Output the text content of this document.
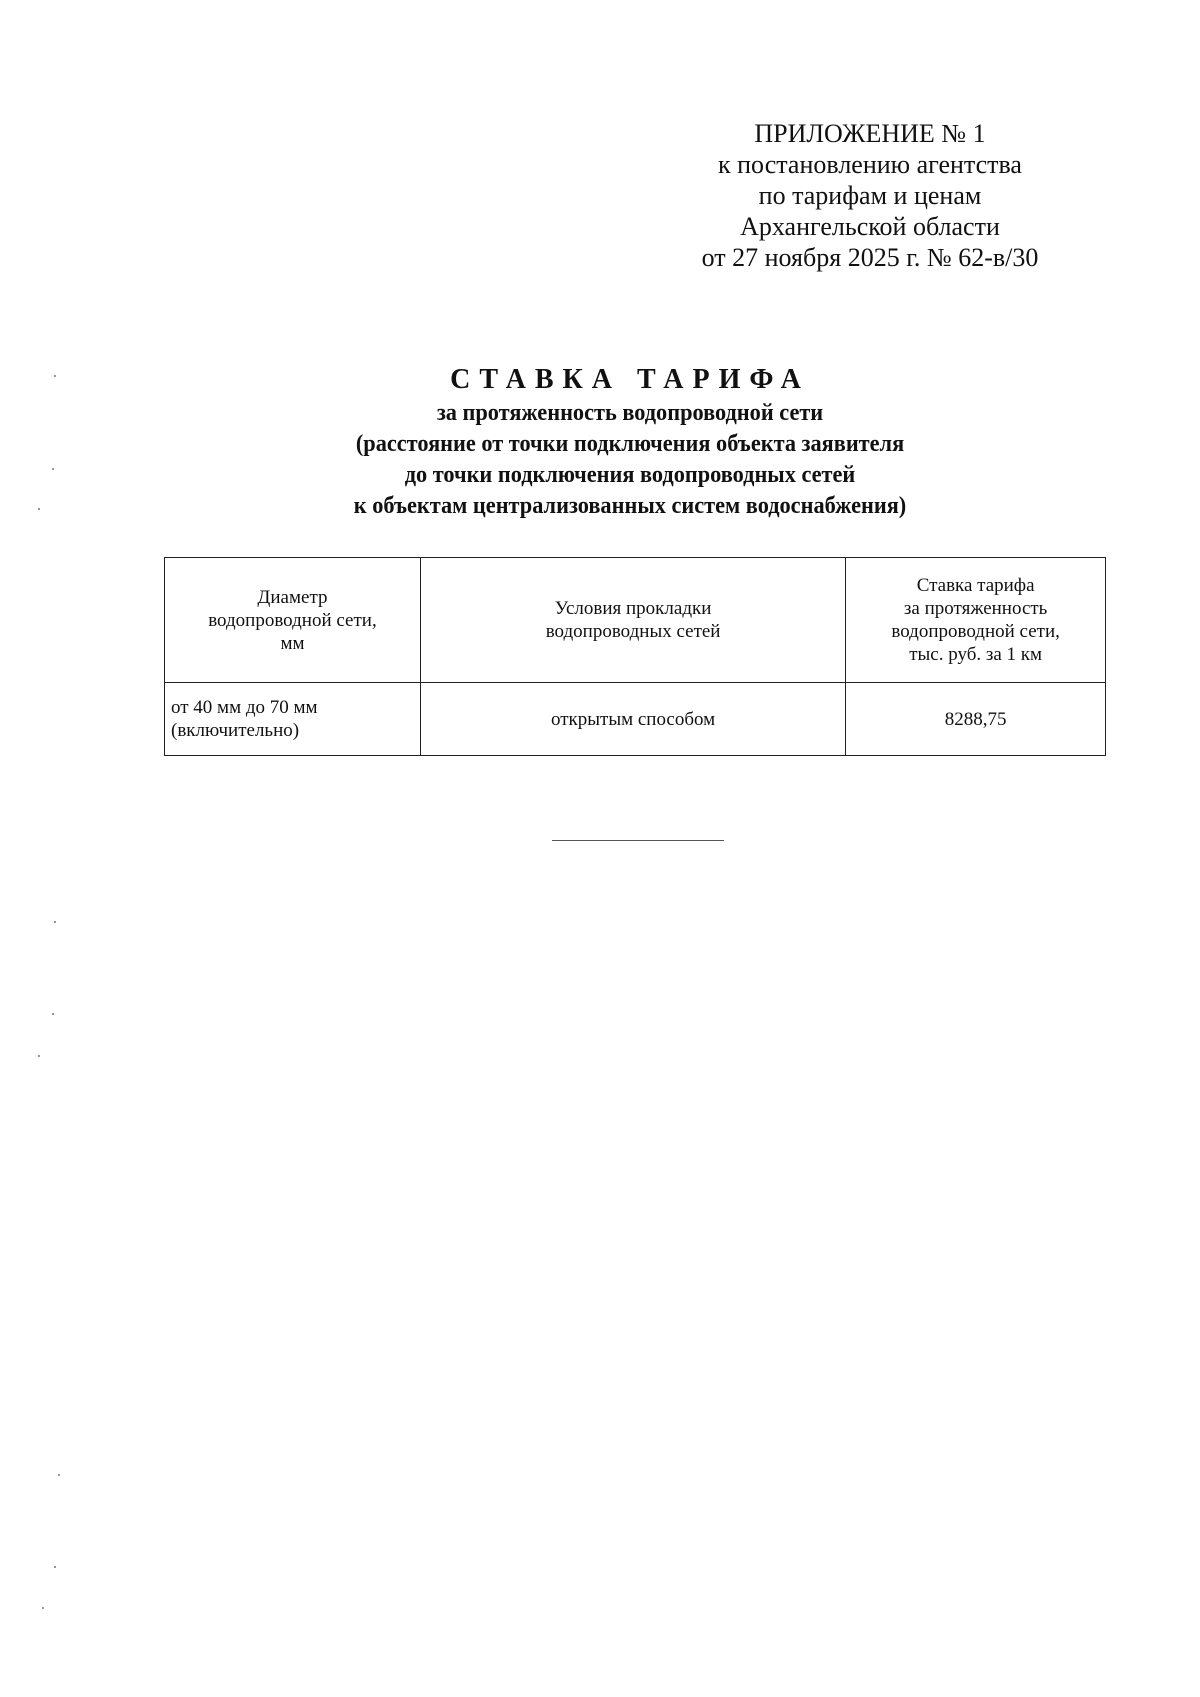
ПРИЛОЖЕНИЕ № 1
к постановлению агентства
по тарифам и ценам
Архангельской области
от 27 ноября 2025 г. № 62-в/30
СТАВКА ТАРИФА
за протяженность водопроводной сети
(расстояние от точки подключения объекта заявителя
до точки подключения водопроводных сетей
к объектам централизованных систем водоснабжения)
Диаметр
водопроводной сети,
мм

Условия прокладки
водопроводных сетей

Ставка тарифа
за протяженность
водопроводной сети,
тыс. руб. за 1 км

от 40 мм до 70 мм
(включительно)	открытым способом	8288,75
